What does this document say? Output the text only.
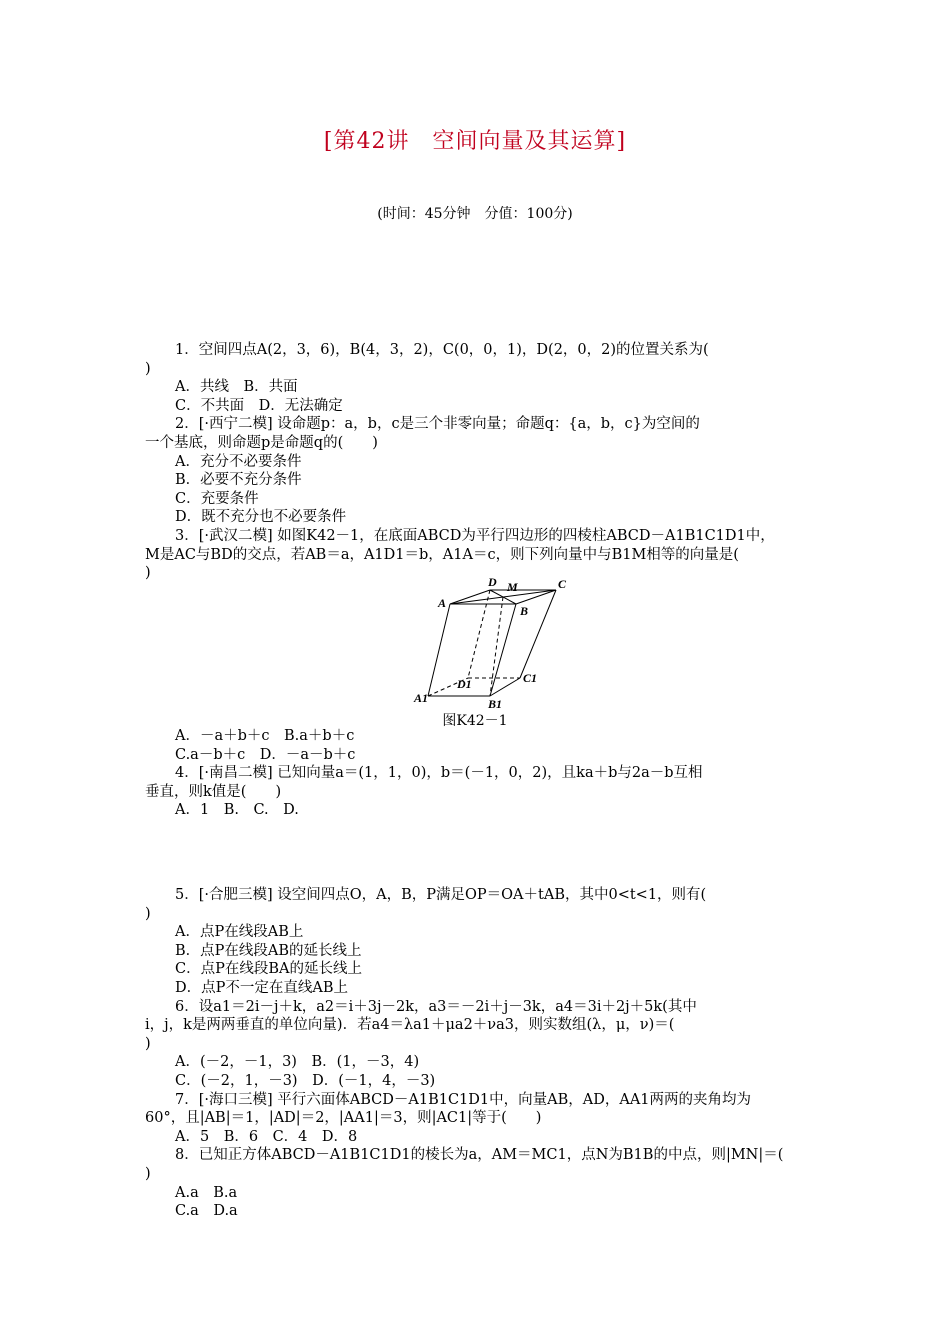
[第42讲　空间向量及其运算]
(时间：45分钟　分值：100分)

1．空间四点A(2，3，6)，B(4，3，2)，C(0，0，1)，D(2，0，2)的位置关系为(

)

A．共线　B．共面

C．不共面　D．无法确定

2．[·西宁二模] 设命题p：a，b，c是三个非零向量；命题q：{a，b，c}为空间的

一个基底，则命题p是命题q的(　　)

A．充分不必要条件

B．必要不充分条件

C．充要条件

D．既不充分也不必要条件

3．[·武汉二模] 如图K42－1，在底面ABCD为平行四边形的四棱柱ABCD－A1B1C1D1中，

M是AC与BD的交点，若AB＝a，A1D1＝b，A1A＝c，则下列向量中与B1M相等的向量是(

)

D M	C
A
B
D1	C1
A1	B1
图K42－1

A．－a＋b＋c　B.a＋b＋c

C.a－b＋c　D．－a－b＋c

4．[·南昌二模] 已知向量a＝(1，1，0)，b＝(－1，0，2)，且ka＋b与2a－b互相

垂直，则k值是(　　)

A．1　B.　C.　D.

5．[·合肥三模] 设空间四点O，A，B，P满足OP＝OA＋tAB，其中0<t<1，则有(

)

A．点P在线段AB上

B．点P在线段AB的延长线上

C．点P在线段BA的延长线上

D．点P不一定在直线AB上

6．设a1＝2i－j＋k，a2＝i＋3j－2k，a3＝－2i＋j－3k，a4＝3i＋2j＋5k(其中

i，j，k是两两垂直的单位向量)．若a4＝λa1＋μa2＋νa3，则实数组(λ，μ，ν)＝(

)

A．(－2，－1，3)　B．(1，－3，4)

C．(－2，1，－3)　D．(－1，4，－3)

7．[·海口三模] 平行六面体ABCD－A1B1C1D1中，向量AB，AD，AA1两两的夹角均为

60°，且|AB|＝1，|AD|＝2，|AA1|＝3，则|AC1|等于(　　)

A．5　B．6　C．4　D．8

8．已知正方体ABCD－A1B1C1D1的棱长为a，AM＝MC1，点N为B1B的中点，则|MN|＝(

)

A.a　B.a

C.a　D.a
